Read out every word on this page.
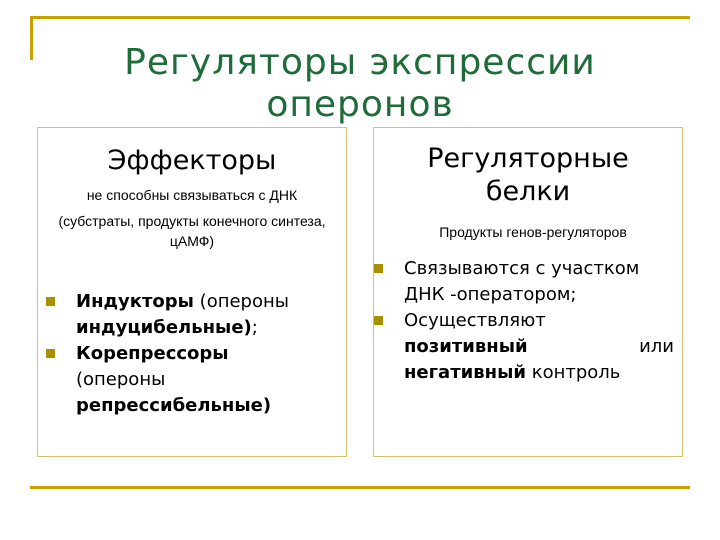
Регуляторы экспрессии оперонов
Эффекторы
не способны связываться с ДНК
(субстраты, продукты конечного синтеза, цАМФ)
Индукторы (опероны индуцибельные);
Корепрессоры
(опероны
репрессибельные)
Регуляторные белки
Продукты генов-регуляторов
Связываются с участком ДНК -оператором;
Осуществляют

позитивный	или
негативный контроль
